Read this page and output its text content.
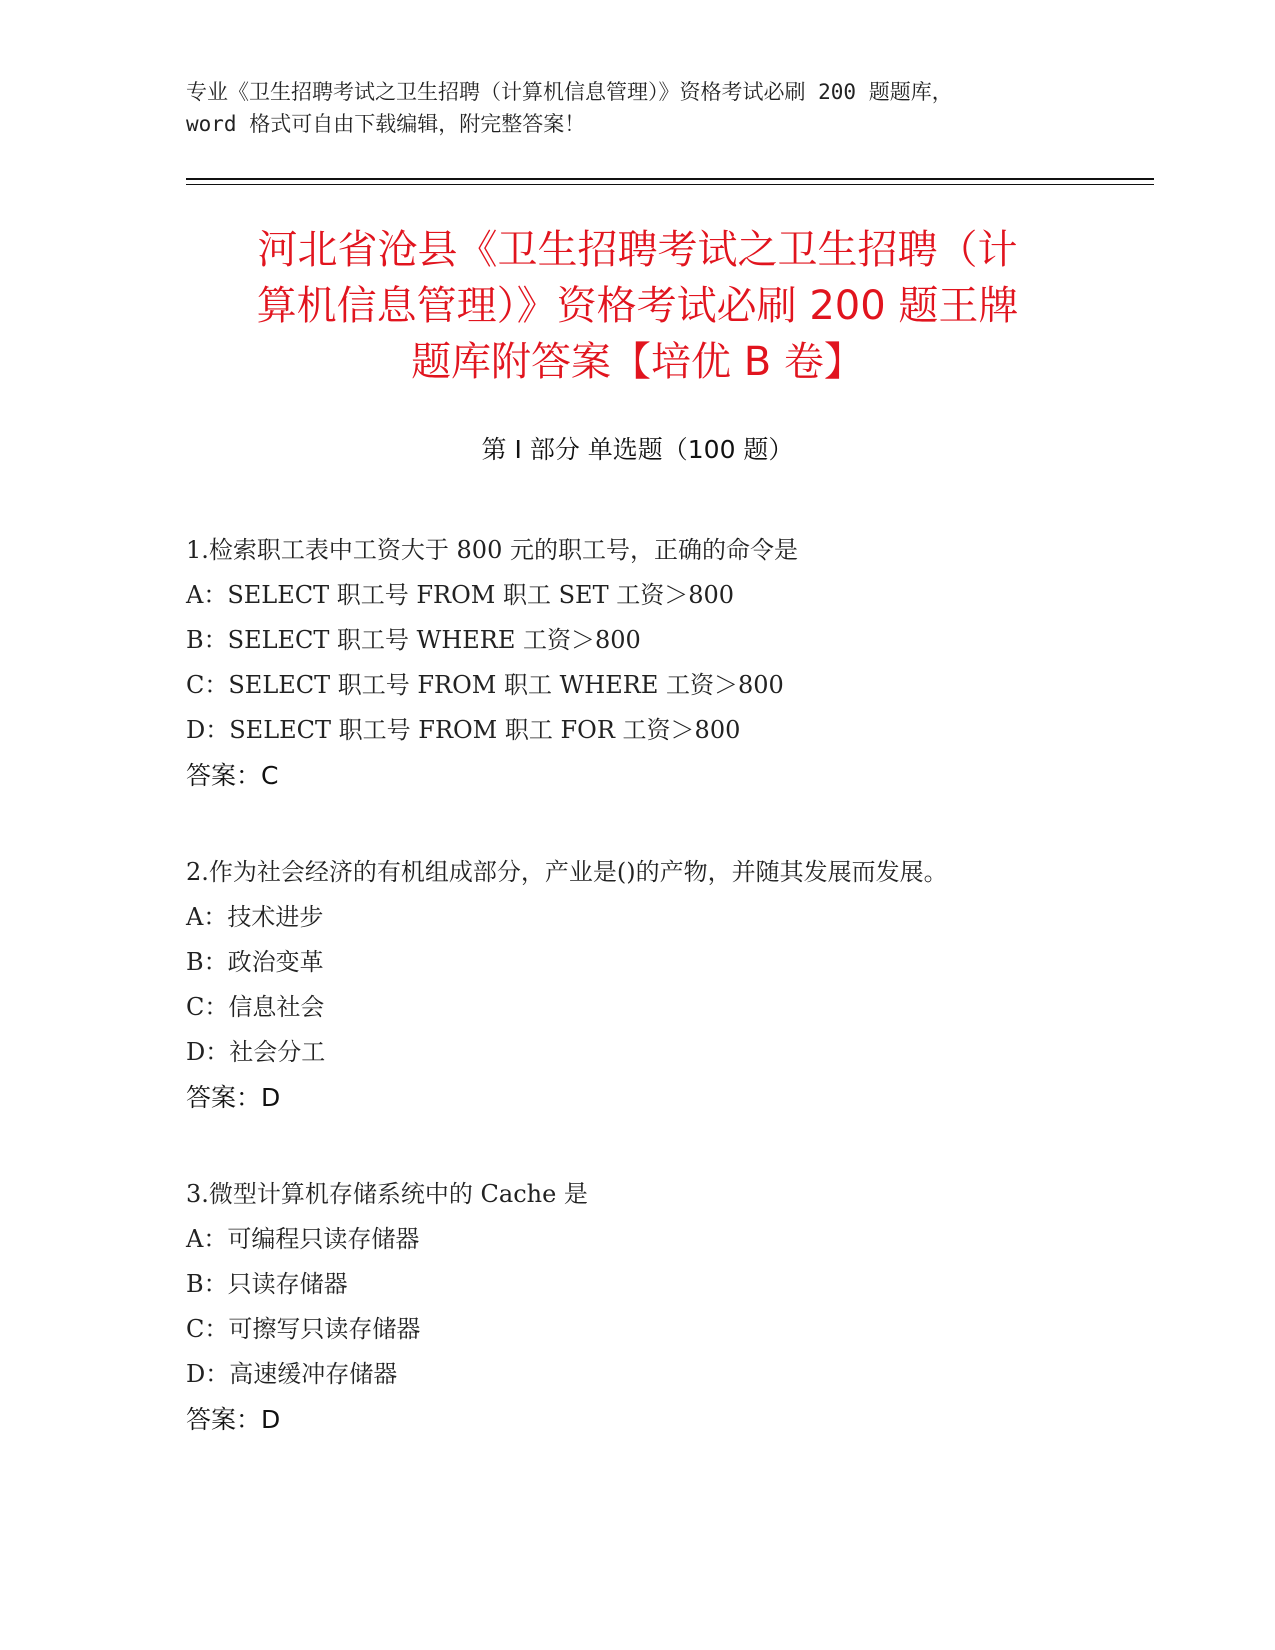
专业《卫生招聘考试之卫生招聘（计算机信息管理）》资格考试必刷 200 题题库，
word 格式可自由下载编辑，附完整答案！
河北省沧县《卫生招聘考试之卫生招聘（计
算机信息管理）》资格考试必刷 200 题王牌
题库附答案【培优 B 卷】
第 I 部分 单选题（100 题）

1.检索职工表中工资大于 800 元的职工号，正确的命令是

A：SELECT 职工号 FROM 职工 SET 工资＞800

B：SELECT 职工号 WHERE 工资＞800

C：SELECT 职工号 FROM 职工 WHERE 工资＞800

D：SELECT 职工号 FROM 职工 FOR 工资＞800

答案：C

2.作为社会经济的有机组成部分，产业是()的产物，并随其发展而发展。

A：技术进步

B：政治变革

C：信息社会

D：社会分工

答案：D

3.微型计算机存储系统中的 Cache 是

A：可编程只读存储器

B：只读存储器

C：可擦写只读存储器

D：高速缓冲存储器

答案：D
